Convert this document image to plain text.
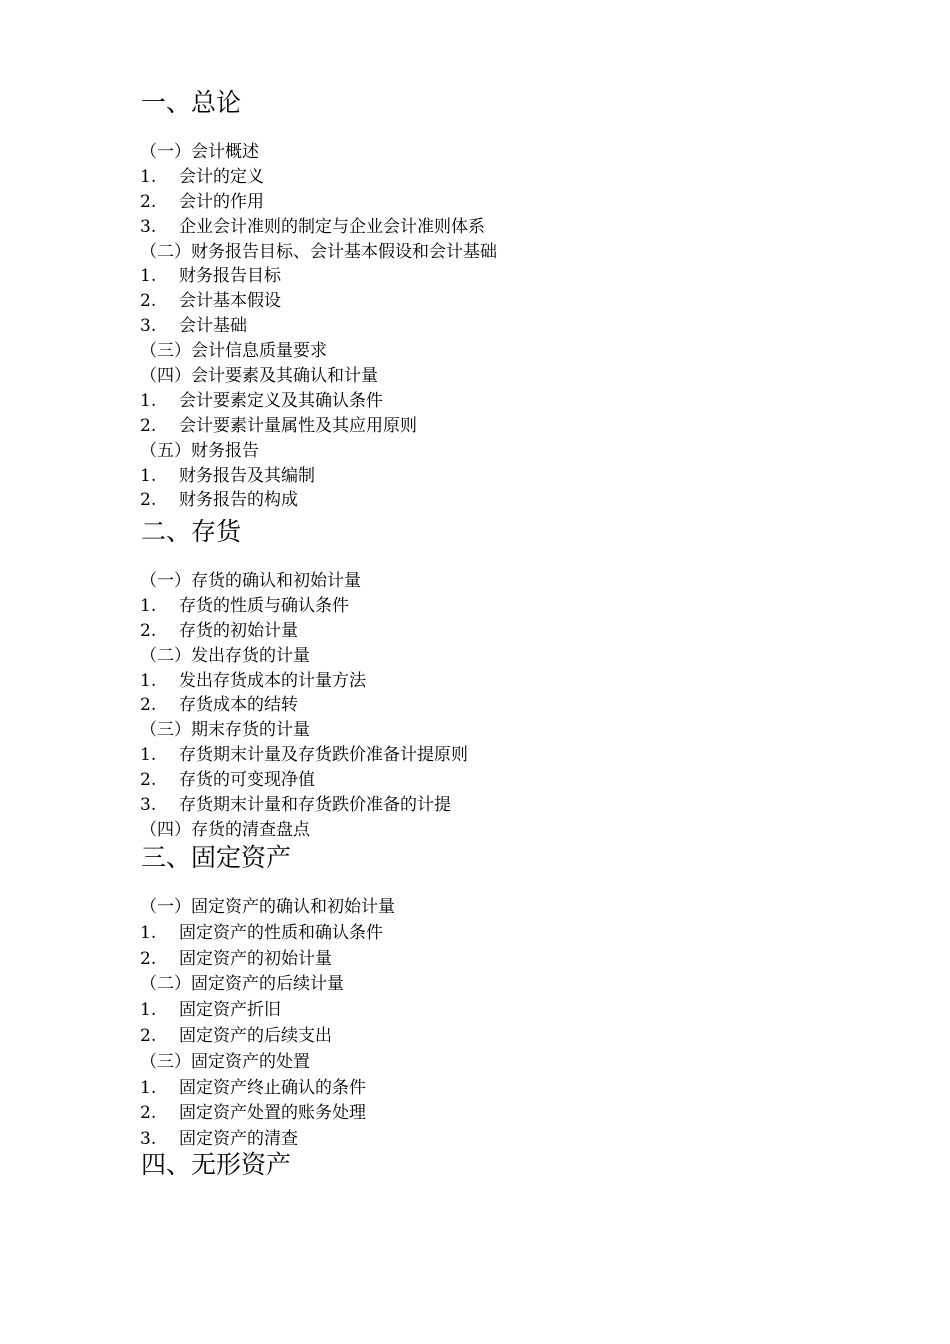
一、总论
（一）会计概述
1. 会计的定义
2. 会计的作用
3. 企业会计准则的制定与企业会计准则体系
（二）财务报告目标、会计基本假设和会计基础
1. 财务报告目标
2. 会计基本假设
3. 会计基础
（三）会计信息质量要求
（四）会计要素及其确认和计量
1. 会计要素定义及其确认条件
2. 会计要素计量属性及其应用原则
（五）财务报告
1. 财务报告及其编制
2. 财务报告的构成
二、存货
（一）存货的确认和初始计量
1. 存货的性质与确认条件
2. 存货的初始计量
（二）发出存货的计量
1. 发出存货成本的计量方法
2. 存货成本的结转
（三）期末存货的计量
1. 存货期末计量及存货跌价准备计提原则
2. 存货的可变现净值
3. 存货期末计量和存货跌价准备的计提
（四）存货的清查盘点
三、固定资产
（一）固定资产的确认和初始计量
1. 固定资产的性质和确认条件
2. 固定资产的初始计量
（二）固定资产的后续计量
1. 固定资产折旧
2. 固定资产的后续支出
（三）固定资产的处置
1. 固定资产终止确认的条件
2. 固定资产处置的账务处理
3. 固定资产的清查
四、无形资产
